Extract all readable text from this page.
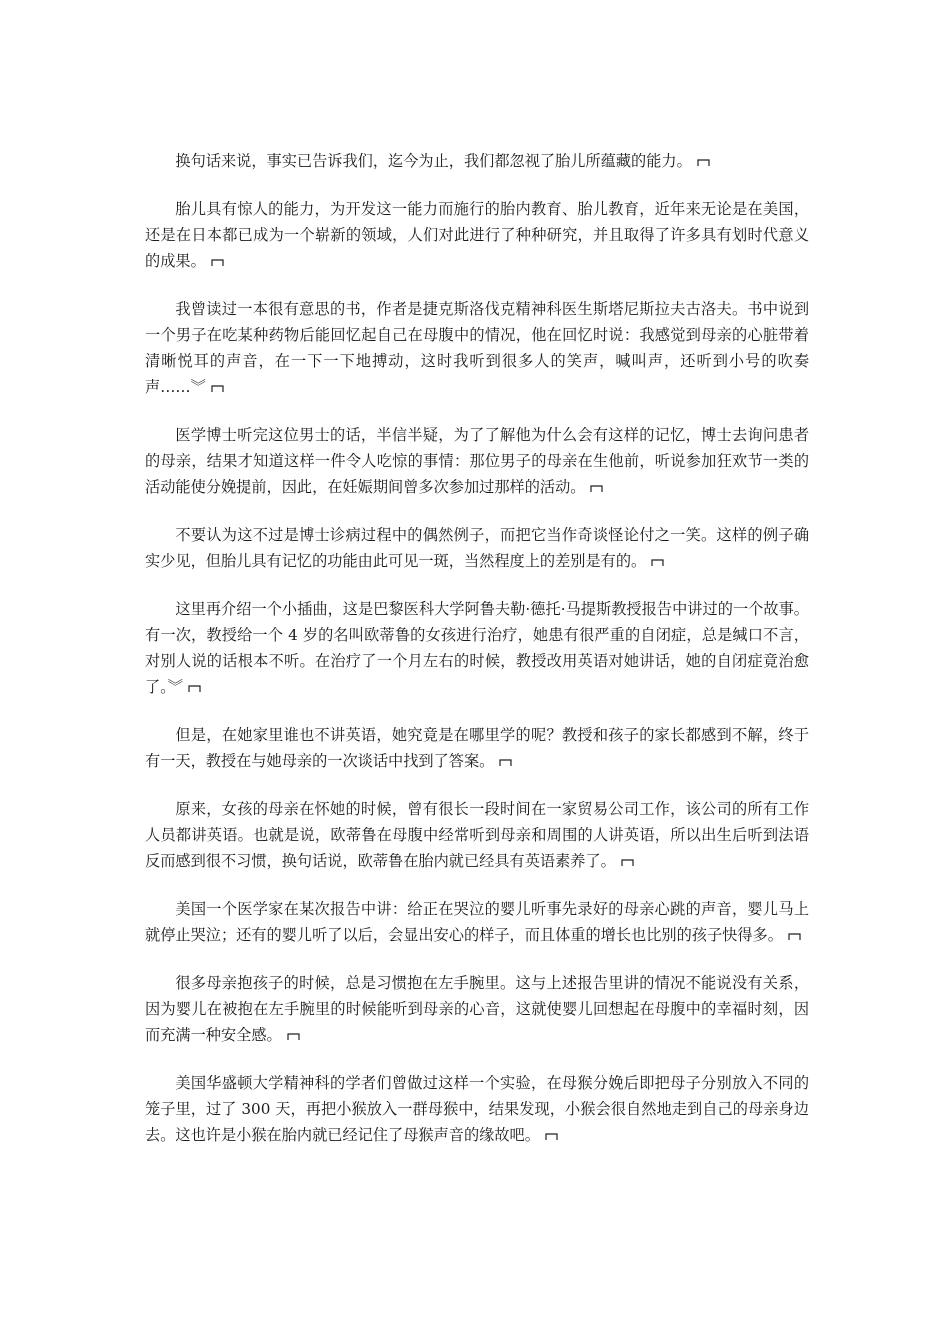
换句话来说，事实已告诉我们，迄今为止，我们都忽视了胎儿所蕴藏的能力。

胎儿具有惊人的能力，为开发这一能力而施行的胎内教育、胎儿教育，近年来无论是在美国，还是在日本都已成为一个崭新的领域，人们对此进行了种种研究，并且取得了许多具有划时代意义的成果。

我曾读过一本很有意思的书，作者是捷克斯洛伐克精神科医生斯塔尼斯拉夫古洛夫。书中说到一个男子在吃某种药物后能回忆起自己在母腹中的情况，他在回忆时说：我感觉到母亲的心脏带着清晰悦耳的声音，在一下一下地搏动，这时我听到很多人的笑声，喊叫声，还听到小号的吹奏声……︾

医学博士听完这位男士的话，半信半疑，为了了解他为什么会有这样的记忆，博士去询问患者的母亲，结果才知道这样一件令人吃惊的事情：那位男子的母亲在生他前，听说参加狂欢节一类的活动能使分娩提前，因此，在妊娠期间曾多次参加过那样的活动。

不要认为这不过是博士诊病过程中的偶然例子，而把它当作奇谈怪论付之一笑。这样的例子确实少见，但胎儿具有记忆的功能由此可见一斑，当然程度上的差别是有的。

这里再介绍一个小插曲，这是巴黎医科大学阿鲁夫勒·德托·马提斯教授报告中讲过的一个故事。有一次，教授给一个 4 岁的名叫欧蒂鲁的女孩进行治疗，她患有很严重的自闭症，总是缄口不言，对别人说的话根本不听。在治疗了一个月左右的时候，教授改用英语对她讲话，她的自闭症竟治愈了。︾

但是，在她家里谁也不讲英语，她究竟是在哪里学的呢？教授和孩子的家长都感到不解，终于有一天，教授在与她母亲的一次谈话中找到了答案。

原来，女孩的母亲在怀她的时候，曾有很长一段时间在一家贸易公司工作，该公司的所有工作人员都讲英语。也就是说，欧蒂鲁在母腹中经常听到母亲和周围的人讲英语，所以出生后听到法语反而感到很不习惯，换句话说，欧蒂鲁在胎内就已经具有英语素养了。

美国一个医学家在某次报告中讲：给正在哭泣的婴儿听事先录好的母亲心跳的声音，婴儿马上就停止哭泣；还有的婴儿听了以后，会显出安心的样子，而且体重的增长也比别的孩子快得多。

很多母亲抱孩子的时候，总是习惯抱在左手腕里。这与上述报告里讲的情况不能说没有关系，因为婴儿在被抱在左手腕里的时候能听到母亲的心音，这就使婴儿回想起在母腹中的幸福时刻，因而充满一种安全感。

美国华盛顿大学精神科的学者们曾做过这样一个实验，在母猴分娩后即把母子分别放入不同的笼子里，过了 300 天，再把小猴放入一群母猴中，结果发现，小猴会很自然地走到自己的母亲身边去。这也许是小猴在胎内就已经记住了母猴声音的缘故吧。
